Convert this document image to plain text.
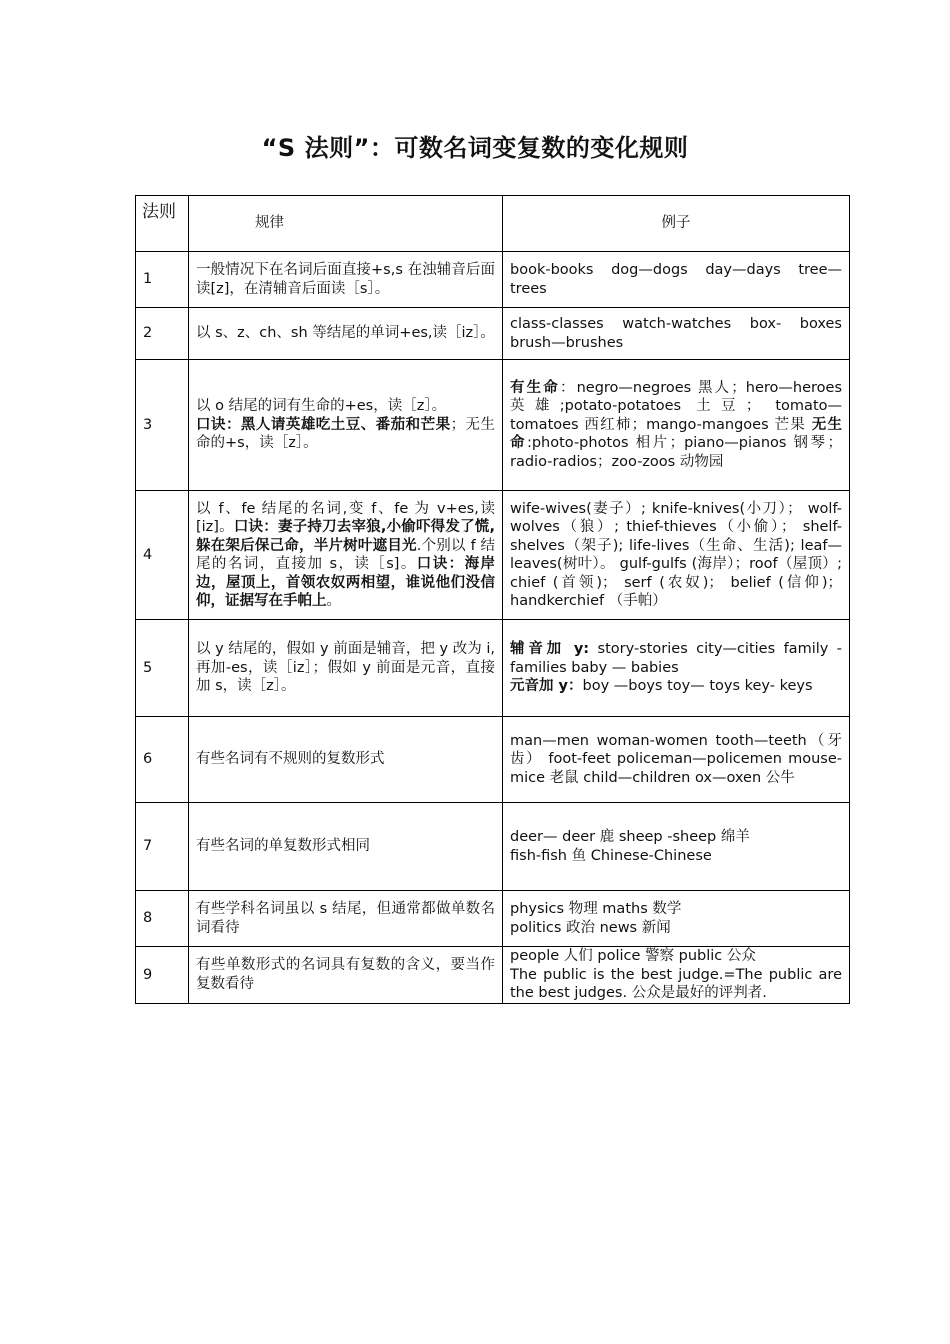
“S 法则”：可数名词变复数的变化规则
法则	规律	例子
1	一般情况下在名词后面直接+s,s 在浊辅音后面读[z]，在清辅音后面读［s］。	book-books dog—dogs day—days tree— trees
2	以 s、z、ch、sh 等结尾的单词+es,读［iz］。	class-classes watch-watches box- boxes brush—brushes
3	以 o 结尾的词有生命的+es，读［z］。
口诀：黑人请英雄吃土豆、番茄和芒果；无生命的+s，读［z］。	有生命：negro—negroes 黑人；hero—heroes 英雄;potato-potatoes 土豆； tomato—tomatoes 西红柿；mango-mangoes 芒果 无生命:photo-photos 相片；piano—pianos 钢琴； radio-radios；zoo-zoos 动物园
4	以 f、fe 结尾的名词,变 f、fe 为 v+es,读[iz]。口诀：妻子持刀去宰狼,小偷吓得发了慌,躲在架后保己命，半片树叶遮目光.个别以 f 结尾的名词，直接加 s，读［s]。口诀：海岸边，屋顶上，首领农奴两相望，谁说他们没信仰，证据写在手帕上。	wife-wives(妻子）; knife-knives(小刀）； wolf-wolves（狼）; thief-thieves（小偷）； shelf-shelves（架子); life-lives（生命、生活); leaf—leaves(树叶）。 gulf-gulfs (海岸）；roof（屋顶）; chief (首领)； serf (农奴)； belief (信仰)； handkerchief （手帕）
5	以 y 结尾的，假如 y 前面是辅音，把 y 改为 i,再加-es，读［iz］；假如 y 前面是元音，直接加 s，读［z］。	辅音加 y: story-stories city—cities family -families baby — babies
元音加 y：boy —boys toy— toys key- keys
6	有些名词有不规则的复数形式	man—men woman-women tooth—teeth（牙齿） foot-feet policeman—policemen mouse-mice 老鼠 child—children ox—oxen 公牛
7	有些名词的单复数形式相同	deer— deer 鹿 sheep -sheep 绵羊
fish-fish 鱼 Chinese-Chinese
8	有些学科名词虽以 s 结尾，但通常都做单数名词看待	physics 物理 maths 数学
politics 政治 news 新闻
9	有些单数形式的名词具有复数的含义，要当作复数看待	people 人们 police 警察 public 公众
The public is the best judge.=The public are the best judges. 公众是最好的评判者.
